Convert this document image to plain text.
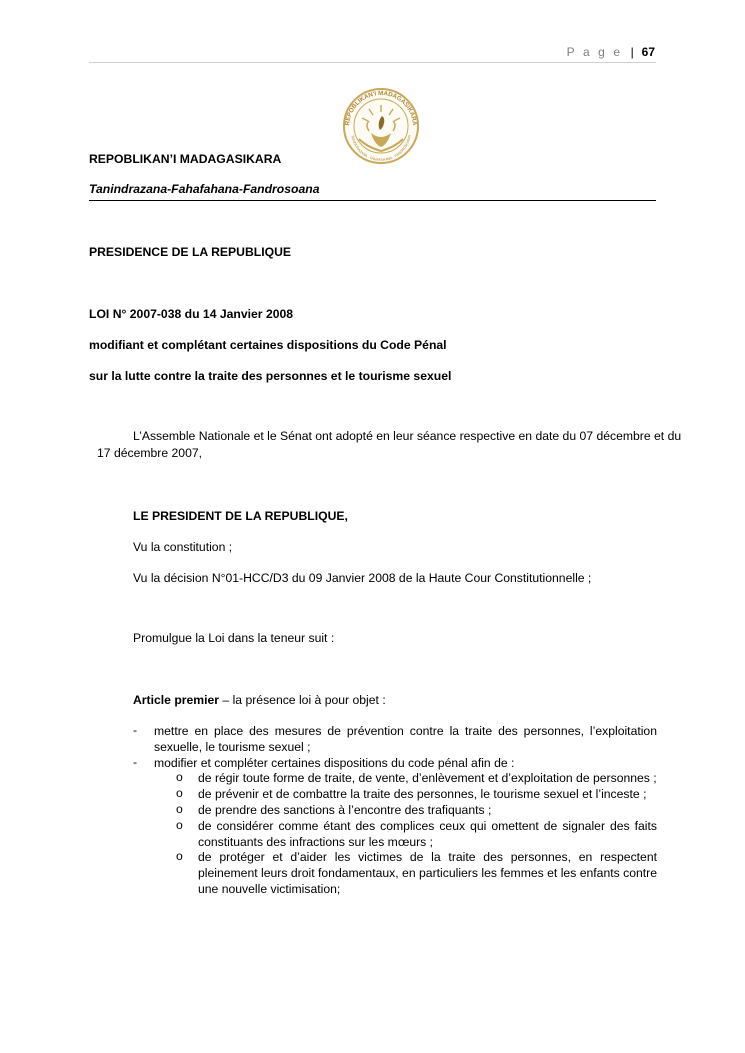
P a g e | 67
REPOBLIKAN'I MADAGASIKARA
TANINDRAZANA · FAHAFAHANA · FANDROSOANA
REPOBLIKAN’I MADAGASIKARA
Tanindrazana-Fahafahana-Fandrosoana
PRESIDENCE DE LA REPUBLIQUE
LOI N° 2007-038 du 14 Janvier 2008
modifiant et complétant certaines dispositions du Code Pénal
sur la lutte contre la traite des personnes et le tourisme sexuel
L’Assemble Nationale et le Sénat ont adopté en leur séance respective en date du 07 décembre et du
17 décembre 2007,
LE PRESIDENT DE LA REPUBLIQUE,
Vu la constitution ;
Vu la décision N°01-HCC/D3 du 09 Janvier 2008 de la Haute Cour Constitutionnelle ;
Promulgue la Loi dans la teneur suit :
Article premier – la présence loi à pour objet :
- mettre en place des mesures de prévention contre la traite des personnes, l’exploitation sexuelle, le tourisme sexuel ;
- modifier et compléter certaines dispositions du code pénal afin de :
o de régir toute forme de traite, de vente, d’enlèvement et d’exploitation de personnes ;
o de prévenir et de combattre la traite des personnes, le tourisme sexuel et l’inceste ;
o de prendre des sanctions à l’encontre des trafiquants ;
o de considérer comme étant des complices ceux qui omettent de signaler des faits constituants des infractions sur les mœurs ;
o de protéger et d’aider les victimes de la traite des personnes, en respectent pleinement leurs droit fondamentaux, en particuliers les femmes et les enfants contre une nouvelle victimisation;
